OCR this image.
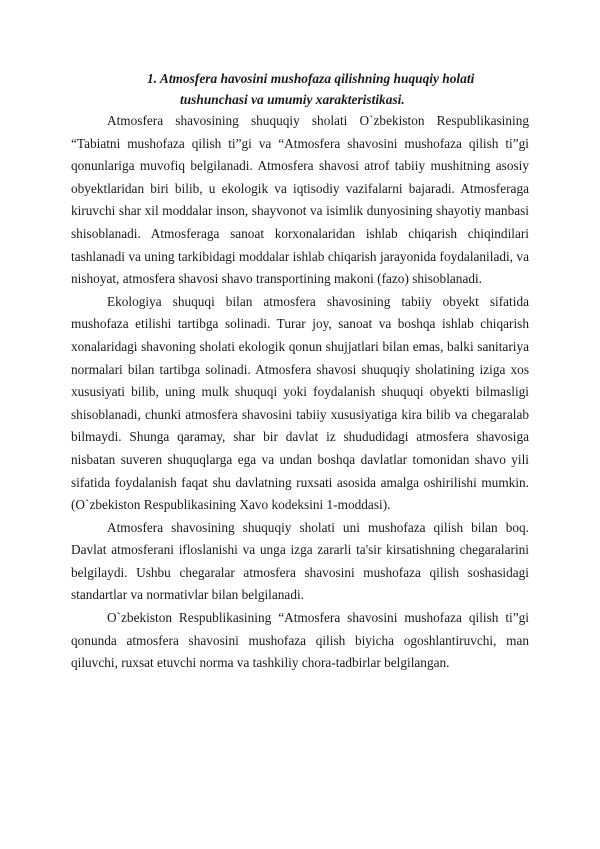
1. Atmosfera havosini mushofaza qilishning huquqiy holati
tushunchasi va umumiy xarakteristikasi.

Atmosfera shavosining shuquqiy sholati O`zbekiston Respublikasining “Tabiatni mushofaza qilish ti”gi va “Atmosfera shavosini mushofaza qilish ti”gi qonunlariga muvofiq belgilanadi. Atmosfera shavosi atrof tabiiy mushitning asosiy obyektlaridan biri bilib, u ekologik va iqtisodiy vazifalarni bajaradi. Atmosferaga kiruvchi shar xil moddalar inson, shayvonot va isimlik dunyosining shayotiy manbasi shisoblanadi. Atmosferaga sanoat korxonalaridan ishlab chiqarish chiqindilari tashlanadi va uning tarkibidagi moddalar ishlab chiqarish jarayonida foydalaniladi, va nishoyat, atmosfera shavosi shavo transportining makoni (fazo) shisoblanadi.

Ekologiya shuquqi bilan atmosfera shavosining tabiiy obyekt sifatida mushofaza etilishi tartibga solinadi. Turar joy, sanoat va boshqa ishlab chiqarish xonalaridagi shavoning sholati ekologik qonun shujjatlari bilan emas, balki sanitariya normalari bilan tartibga solinadi. Atmosfera shavosi shuquqiy sholatining iziga xos xususiyati bilib, uning mulk shuquqi yoki foydalanish shuquqi obyekti bilmasligi shisoblanadi, chunki atmosfera shavosini tabiiy xususiyatiga kira bilib va chegaralab bilmaydi. Shunga qaramay, shar bir davlat iz shududidagi atmosfera shavosiga nisbatan suveren shuquqlarga ega va undan boshqa davlatlar tomonidan shavo yili sifatida foydalanish faqat shu davlatning ruxsati asosida amalga oshirilishi mumkin. (O`zbekiston Respublikasining Xavo kodeksini 1-moddasi).

Atmosfera shavosining shuquqiy sholati uni mushofaza qilish bilan boq. Davlat atmosferani ifloslanishi va unga izga zararli ta'sir kirsatishning chegaralarini belgilaydi. Ushbu chegaralar atmosfera shavosini mushofaza qilish soshasidagi standartlar va normativlar bilan belgilanadi.

O`zbekiston Respublikasining “Atmosfera shavosini mushofaza qilish ti”gi qonunda atmosfera shavosini mushofaza qilish biyicha ogoshlantiruvchi, man qiluvchi, ruxsat etuvchi norma va tashkiliy chora-tadbirlar belgilangan.
